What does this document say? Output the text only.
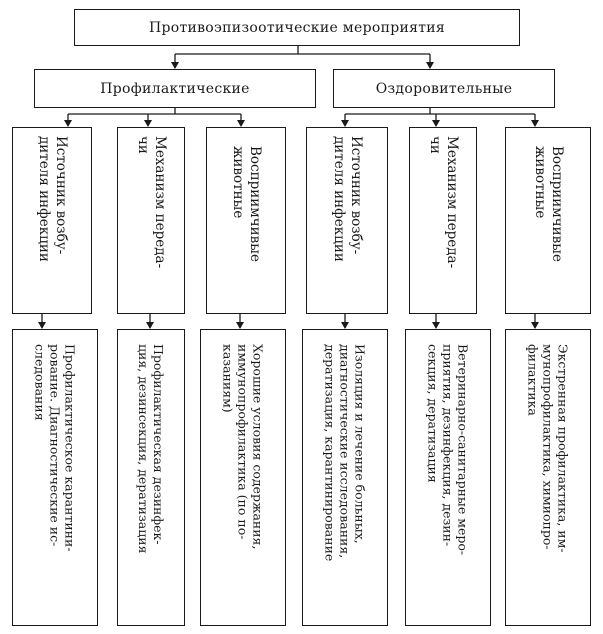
Противоэпизоотические мероприятия
Профилактические	Оздоровительные
Источник возбу-
дителя инфекции	Механизм переда-
чи
Восприимчивые
животные	Источник возбу-
дителя инфекции	Механизм переда-
чи
Восприимчивые
животные
Профилактическое карантини-
рование. Диагностические ис-
следования	Профилактическая дезинфек-
ция, дезинсекция, дератизация	Хорошие условия содержания,
иммунопрофилактика (по по-
казаниям)	Изоляция и лечение больных,
диагностические исследования,
дератизация, карантинирование	Ветеринарно-санитарные меро-
приятия, дезинфекция, дезин-
секция, дератизация	Экстренная профилактика, им-
мунопрофилактика, химиопро-
филактика
